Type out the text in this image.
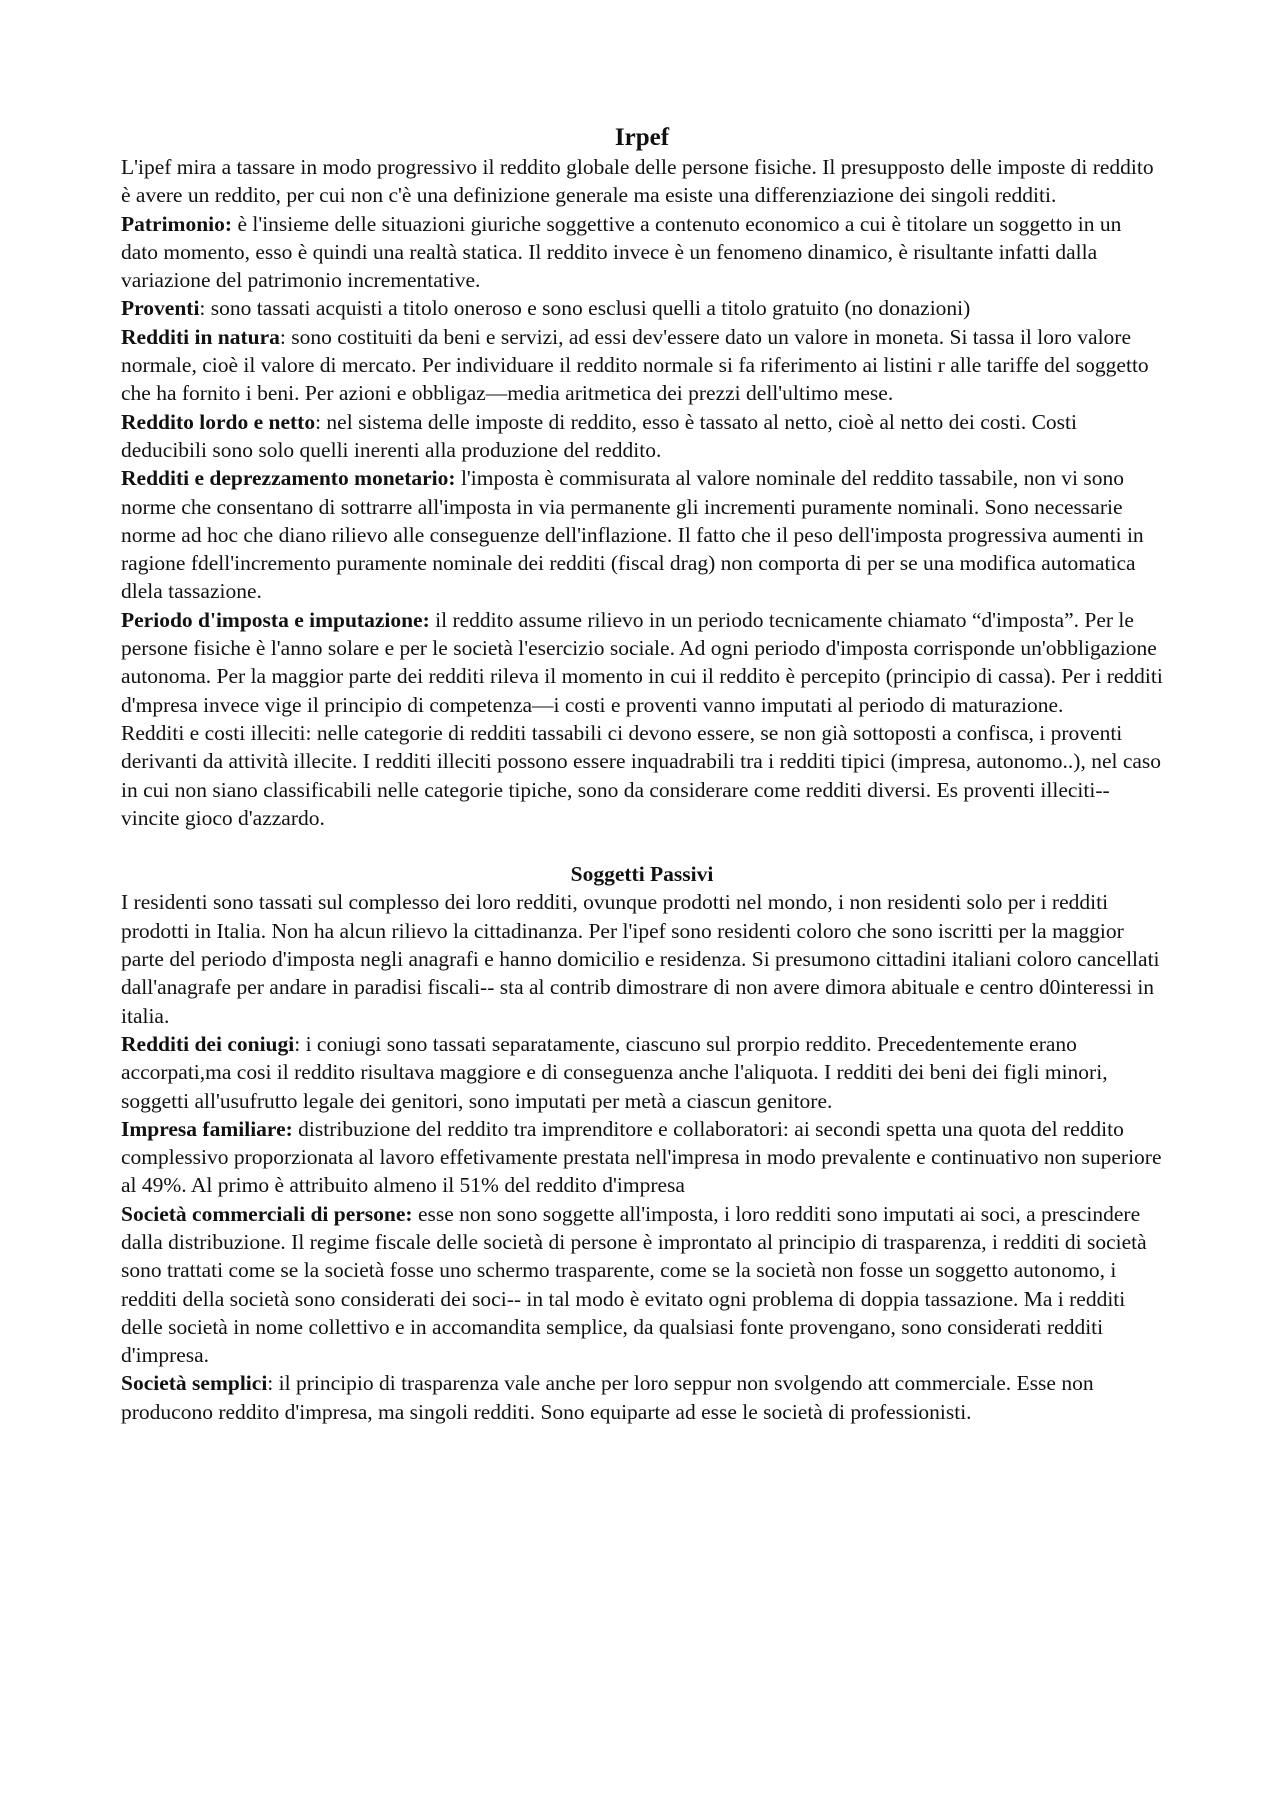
Irpef

L'ipef mira a tassare in modo progressivo il reddito globale delle persone fisiche. Il presupposto delle imposte di reddito è avere un reddito, per cui non c'è una definizione generale ma esiste una differenziazione dei singoli redditi.

Patrimonio: è l'insieme delle situazioni giuriche soggettive a contenuto economico a cui è titolare un soggetto in un dato momento, esso è quindi una realtà statica. Il reddito invece è un fenomeno dinamico, è risultante infatti dalla variazione del patrimonio incrementative.

Proventi: sono tassati acquisti a titolo oneroso e sono esclusi quelli a titolo gratuito (no donazioni)

Redditi in natura: sono costituiti da beni e servizi, ad essi dev'essere dato un valore in moneta. Si tassa il loro valore normale, cioè il valore di mercato. Per individuare il reddito normale si fa riferimento ai listini r alle tariffe del soggetto che ha fornito i beni. Per azioni e obbligaz—media aritmetica dei prezzi dell'ultimo mese.

Reddito lordo e netto: nel sistema delle imposte di reddito, esso è tassato al netto, cioè al netto dei costi. Costi deducibili sono solo quelli inerenti alla produzione del reddito.

Redditi e deprezzamento monetario: l'imposta è commisurata al valore nominale del reddito tassabile, non vi sono norme che consentano di sottrarre all'imposta in via permanente gli incrementi puramente nominali. Sono necessarie norme ad hoc che diano rilievo alle conseguenze dell'inflazione. Il fatto che il peso dell'imposta progressiva aumenti in ragione fdell'incremento puramente nominale dei redditi (fiscal drag) non comporta di per se una modifica automatica dlela tassazione.

Periodo d'imposta e imputazione: il reddito assume rilievo in un periodo tecnicamente chiamato “d'imposta”. Per le persone fisiche è l'anno solare e per le società l'esercizio sociale. Ad ogni periodo d'imposta corrisponde un'obbligazione autonoma. Per la maggior parte dei redditi rileva il momento in cui il reddito è percepito (principio di cassa). Per i redditi d'mpresa invece vige il principio di competenza—i costi e proventi vanno imputati al periodo di maturazione.

Redditi e costi illeciti: nelle categorie di redditi tassabili ci devono essere, se non già sottoposti a confisca, i proventi derivanti da attività illecite. I redditi illeciti possono essere inquadrabili tra i redditi tipici (impresa, autonomo..), nel caso in cui non siano classificabili nelle categorie tipiche, sono da considerare come redditi diversi. Es proventi illeciti-- vincite gioco d'azzardo.

Soggetti Passivi

I residenti sono tassati sul complesso dei loro redditi, ovunque prodotti nel mondo, i non residenti solo per i redditi prodotti in Italia. Non ha alcun rilievo la cittadinanza. Per l'ipef sono residenti coloro che sono iscritti per la maggior parte del periodo d'imposta negli anagrafi e hanno domicilio e residenza. Si presumono cittadini italiani coloro cancellati dall'anagrafe per andare in paradisi fiscali-- sta al contrib dimostrare di non avere dimora abituale e centro d0interessi in italia.

Redditi dei coniugi: i coniugi sono tassati separatamente, ciascuno sul prorpio reddito. Precedentemente erano accorpati,ma cosi il reddito risultava maggiore e di conseguenza anche l'aliquota. I redditi dei beni dei figli minori, soggetti all'usufrutto legale dei genitori, sono imputati per metà a ciascun genitore.

Impresa familiare: distribuzione del reddito tra imprenditore e collaboratori: ai secondi spetta una quota del reddito complessivo proporzionata al lavoro effetivamente prestata nell'impresa in modo prevalente e continuativo non superiore al 49%. Al primo è attribuito almeno il 51% del reddito d'impresa

Società commerciali di persone: esse non sono soggette all'imposta, i loro redditi sono imputati ai soci, a prescindere dalla distribuzione. Il regime fiscale delle società di persone è improntato al principio di trasparenza, i redditi di società sono trattati come se la società fosse uno schermo trasparente, come se la società non fosse un soggetto autonomo, i redditi della società sono considerati dei soci-- in tal modo è evitato ogni problema di doppia tassazione. Ma i redditi delle società in nome collettivo e in accomandita semplice, da qualsiasi fonte provengano, sono considerati redditi d'impresa.

Società semplici: il principio di trasparenza vale anche per loro seppur non svolgendo att commerciale. Esse non producono reddito d'impresa, ma singoli redditi. Sono equiparte ad esse le società di professionisti.
